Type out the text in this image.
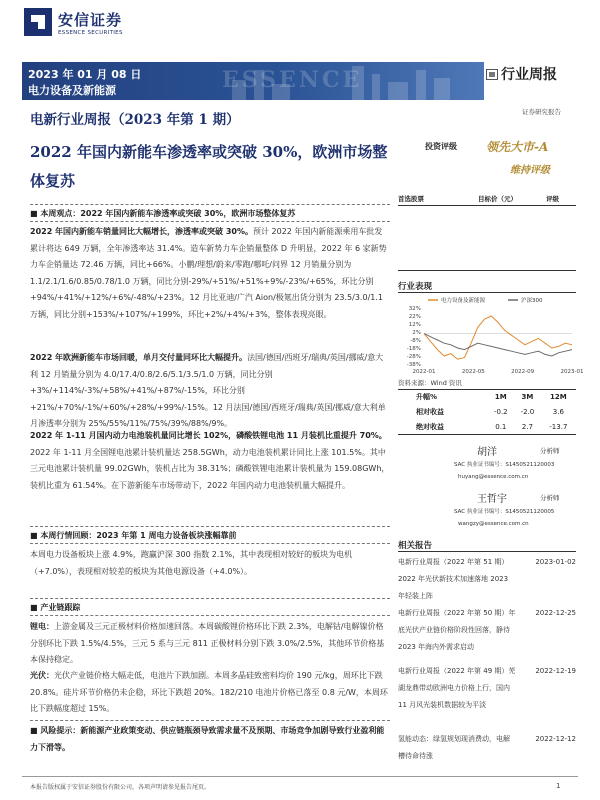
安信证券
ESSENCE SECURITIES
2023 年 01 月 08 日
电力设备及新能源	ESSENCE	行业周报
证券研究报告
电新行业周报（2023 年第 1 期）
2022 年国内新能车渗透率或突破 30%，欧洲市场整体复苏
投资评级 领先大市-A
维持评级
首选股票	目标价（元）	评级
行业表现
32%
22%
12%
2%
-8%
-18%
-28%
-38%
2022-01	2022-05	2022-09	2023-01
电力设备及新能源	沪深300
资料来源：Wind 资讯
升幅%	1M	3M	12M
相对收益	-0.2	-2.0	3.6
绝对收益	0.1	2.7	-13.7
胡洋	分析师
SAC 执业证书编号：S1450521120003
huyang@essence.com.cn
王哲宇	分析师
SAC 执业证书编号：S1450521120005
wangzy@essence.com.cn
相关报告
电新行业周报（2022 年第 51 期）2022 年光伏新技术加速落地 2023 年轻装上阵
2023-01-02
电新行业周报（2022 年第 50 期）年底光伏产业链价格阶段性回落，静待 2023 年海内外需求启动
2022-12-25
电新行业周报（2022 年第 49 期）芜湖龙鼎带动欧洲电力价格上行，国内 11 月风光装机数据较为平淡
2022-12-19
氢能动态：绿氢规划现消费动，电解槽待命待涨
2022-12-12
■ 本周观点：2022 年国内新能车渗透率或突破 30%，欧洲市场整体复苏
2022 年国内新能车销量同比大幅增长，渗透率或突破 30%。预计 2022 年国内新能源乘用车批发累计将达 649 万辆，全年渗透率达 31.4%。造车新势力车企销量整体 D 升明显，2022 年 6 家新势力车企销量达 72.46 万辆，同比+66%。小鹏/理想/蔚来/零跑/哪吒/问界 12 月销量分别为 1.1/2.1/1.6/0.85/0.78/1.0 万辆，同比分别-29%/+51%/+51%+9%/-23%/+65%，环比分别+94%/+41%/+12%/+6%/-48%/+23%。12 月比亚迪/广汽 Aion/极氪出货分别为 23.5/3.0/1.1 万辆，同比分别+153%/+107%/+199%，环比+2%/+4%/+3%，整体表现亮眼。
2022 年欧洲新能车市场回暖，单月交付量同环比大幅提升。法国/德国/西班牙/瑞典/英国/挪威/意大利 12 月销量分别为 4.0/17.4/0.8/2.6/5.1/3.5/1.0 万辆，同比分别+3%/+114%/-3%/+58%/+41%/+87%/-15%，环比分别+21%/+70%/-1%/+60%/+28%/+99%/-15%。12 月法国/德国/西班牙/瑞典/英国/挪威/意大利单月渗透率分别为 25%/55%/11%/75%/39%/88%/9%。
2022 年 1-11 月国内动力电池装机量同比增长 102%，磷酸铁锂电池 11 月装机比重提升 70%。2022 年 1-11 月全国锂电池累计装机量达 258.5GWh，动力电池装机累计同比上涨 101.5%。其中三元电池累计装机量 99.02GWh，装机占比为 38.31%；磷酸铁锂电池累计装机量为 159.08GWh，装机比重为 61.54%。在下游新能车市场带动下，2022 年国内动力电池装机量大幅提升。
■ 本周行情回顾：2023 年第 1 周电力设备板块涨幅靠前
本周电力设备板块上涨 4.9%，跑赢沪深 300 指数 2.1%，其中表现相对较好的板块为电机（+7.0%），表现相对较差的板块为其他电源设备（+4.0%）。
■ 产业链跟踪
锂电：上游金属及三元正极材料价格加速回落。本周碳酸锂价格环比下跌 2.3%，电解钴/电解镍价格分别环比下跌 1.5%/4.5%，三元 5 系与三元 811 正极材料分别下跌 3.0%/2.5%，其他环节价格基本保持稳定。
光伏：光伏产业链价格大幅走低，电池片下跌加剧。本周多晶硅致密料均价 190 元/kg，周环比下跌 20.8%。硅片环节价格仍未企稳，环比下跌超 20%。182/210 电池片价格已落至 0.8 元/W，本周环比下跌幅度超过 15%。
■ 风险提示：新能源产业政策变动、供应链瓶颈导致需求量不及预期、市场竞争加剧导致行业盈利能力下滑等。
本报告版权属于安信证券股份有限公司，各项声明请参见报告尾页。	1
